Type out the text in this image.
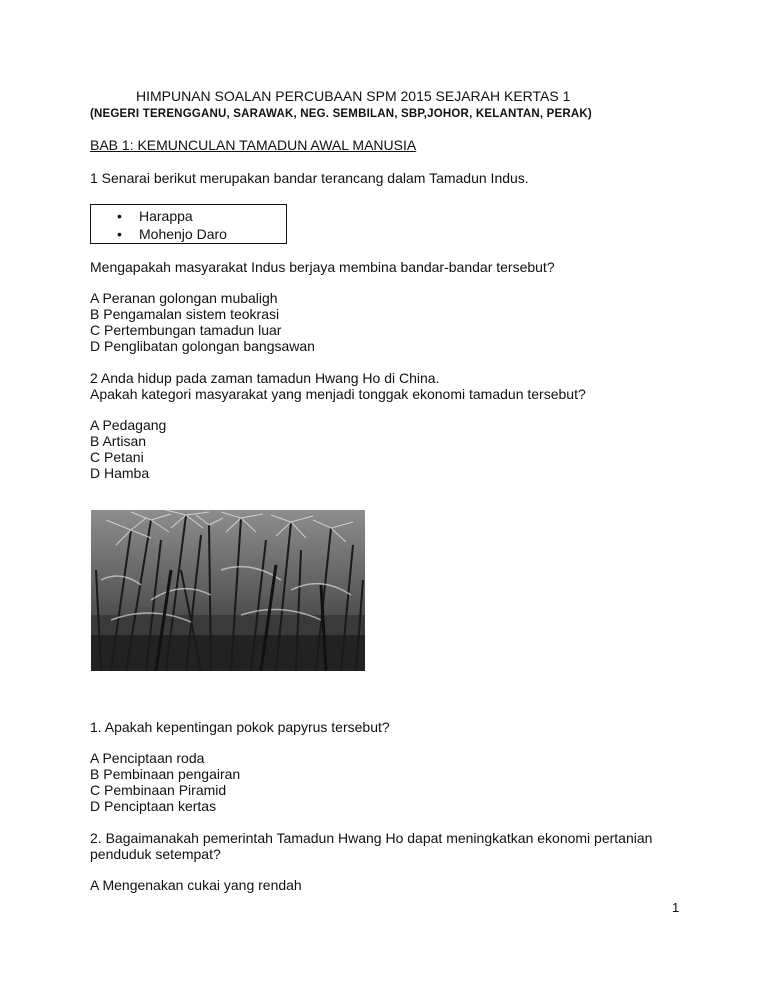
HIMPUNAN SOALAN PERCUBAAN SPM 2015 SEJARAH KERTAS 1
(NEGERI TERENGGANU, SARAWAK, NEG. SEMBILAN, SBP,JOHOR, KELANTAN, PERAK)
BAB 1: KEMUNCULAN TAMADUN AWAL MANUSIA
1 Senarai berikut merupakan bandar terancang dalam Tamadun Indus.
• Harappa
• Mohenjo Daro
Mengapakah masyarakat Indus berjaya membina bandar-bandar tersebut?
A Peranan golongan mubaligh
B Pengamalan sistem teokrasi
C Pertembungan tamadun luar
D Penglibatan golongan bangsawan
2 Anda hidup pada zaman tamadun Hwang Ho di China.
Apakah kategori masyarakat yang menjadi tonggak ekonomi tamadun tersebut?
A Pedagang
B Artisan
C Petani
D Hamba
1. Apakah kepentingan pokok papyrus tersebut?
A Penciptaan roda
B Pembinaan pengairan
C Pembinaan Piramid
D Penciptaan kertas
2. Bagaimanakah pemerintah Tamadun Hwang Ho dapat meningkatkan ekonomi pertanian
penduduk setempat?
A Mengenakan cukai yang rendah
1
